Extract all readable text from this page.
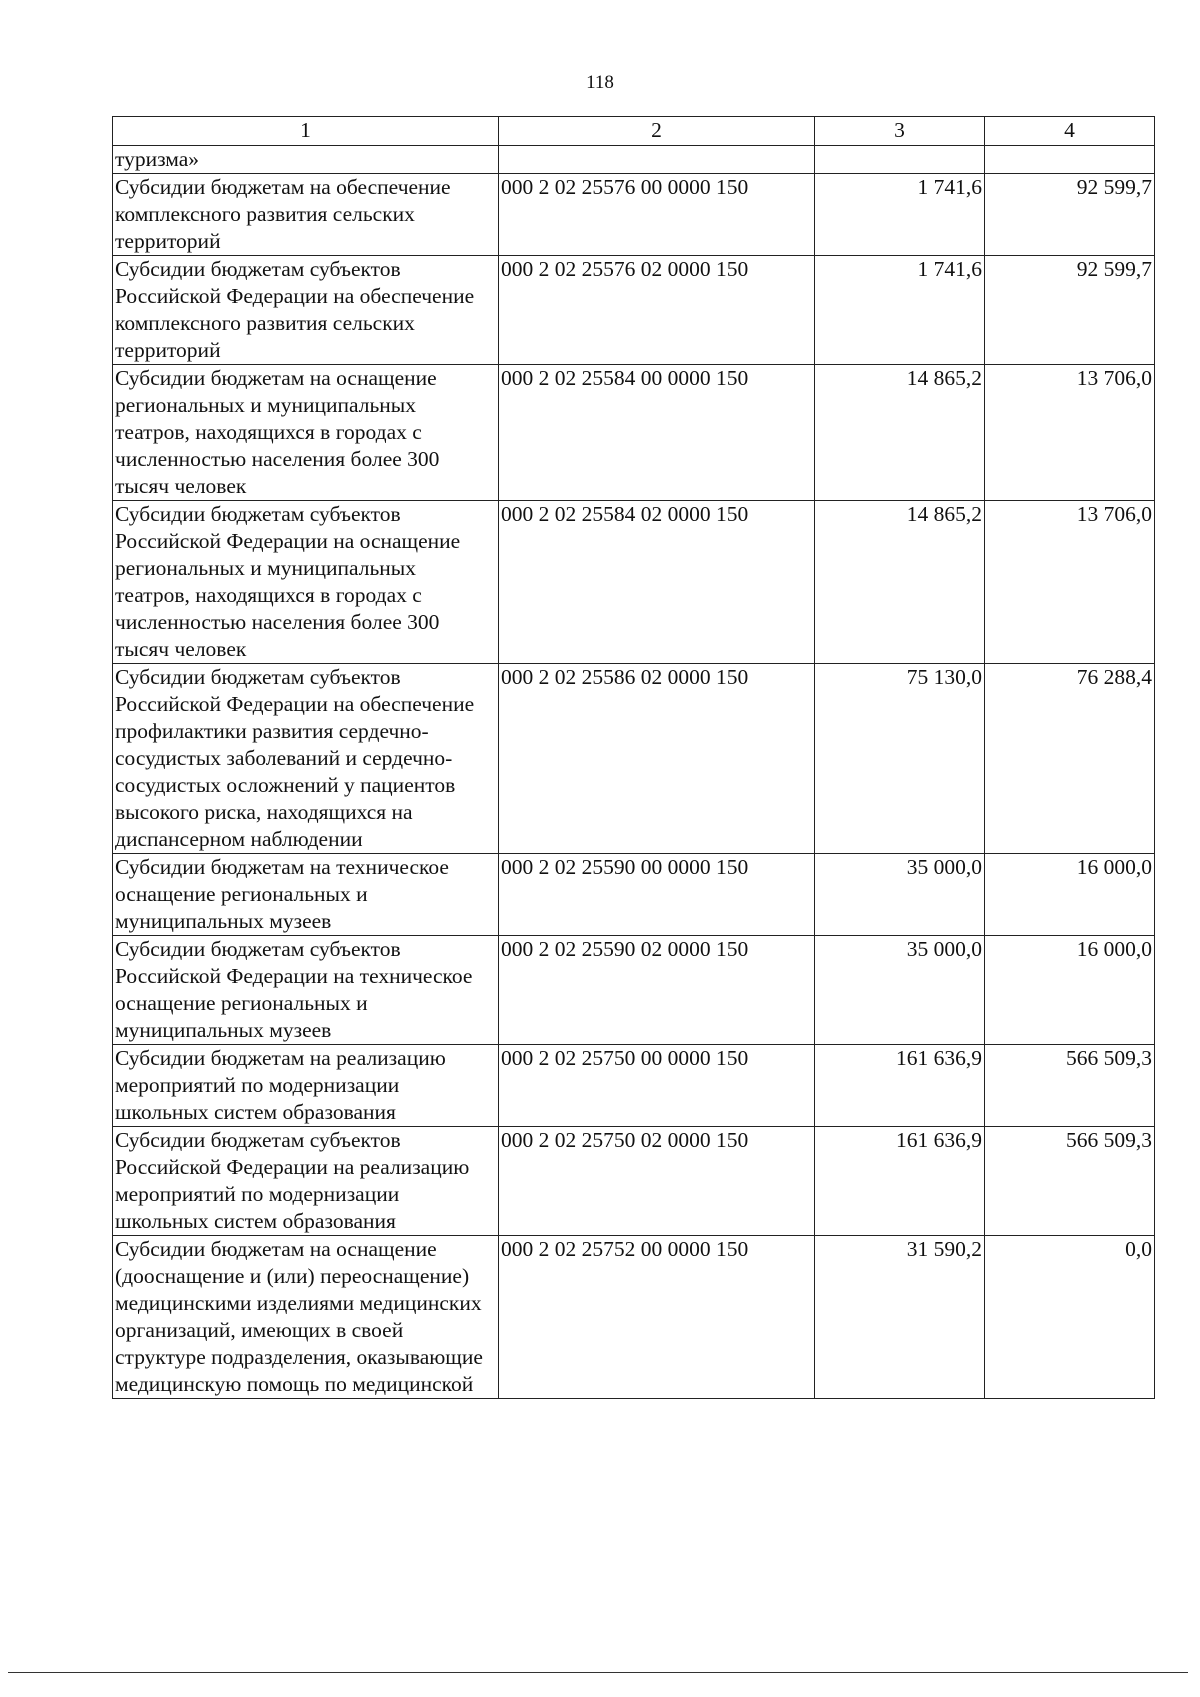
118
1	2	3	4
туризма»			
Субсидии бюджетам на обеспечение комплексного развития сельских территорий	000 2 02 25576 00 0000 150	1 741,6	92 599,7
Субсидии бюджетам субъектов Российской Федерации на обеспечение комплексного развития сельских территорий	000 2 02 25576 02 0000 150	1 741,6	92 599,7
Субсидии бюджетам на оснащение региональных и муниципальных театров, находящихся в городах с численностью населения более 300 тысяч человек	000 2 02 25584 00 0000 150	14 865,2	13 706,0
Субсидии бюджетам субъектов Российской Федерации на оснащение региональных и муниципальных театров, находящихся в городах с численностью населения более 300 тысяч человек	000 2 02 25584 02 0000 150	14 865,2	13 706,0
Субсидии бюджетам субъектов Российской Федерации на обеспечение профилактики развития сердечно-сосудистых заболеваний и сердечно-сосудистых осложнений у пациентов высокого риска, находящихся на диспансерном наблюдении	000 2 02 25586 02 0000 150	75 130,0	76 288,4
Субсидии бюджетам на техническое оснащение региональных и муниципальных музеев	000 2 02 25590 00 0000 150	35 000,0	16 000,0
Субсидии бюджетам субъектов Российской Федерации на техническое оснащение региональных и муниципальных музеев	000 2 02 25590 02 0000 150	35 000,0	16 000,0
Субсидии бюджетам на реализацию мероприятий по модернизации школьных систем образования	000 2 02 25750 00 0000 150	161 636,9	566 509,3
Субсидии бюджетам субъектов Российской Федерации на реализацию мероприятий по модернизации школьных систем образования	000 2 02 25750 02 0000 150	161 636,9	566 509,3
Субсидии бюджетам на оснащение (дооснащение и (или) переоснащение) медицинскими изделиями медицинских организаций, имеющих в своей структуре подразделения, оказывающие медицинскую помощь по медицинской	000 2 02 25752 00 0000 150	31 590,2	0,0
